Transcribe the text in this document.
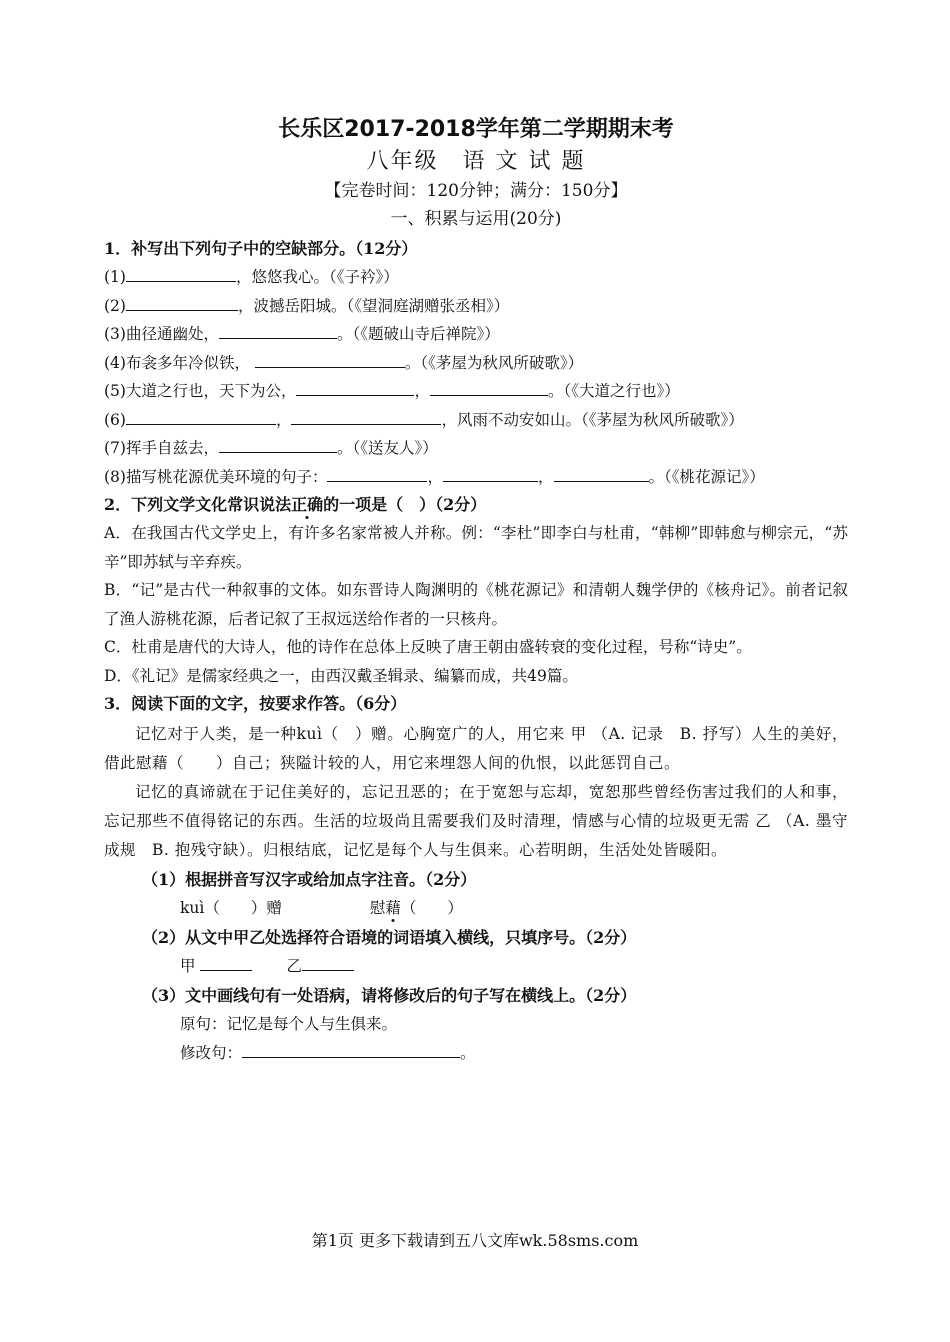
长乐区2017-2018学年第二学期期末考
八年级　语 文 试 题
【完卷时间：120分钟；满分：150分】
一、积累与运用(20分)
1．补写出下列句子中的空缺部分。（12分）
(1)	，悠悠我心。（《子衿》）
(2)	，波撼岳阳城。（《望洞庭湖赠张丞相》）
(3)曲径通幽处，	。（《题破山寺后禅院》）
(4)布衾多年冷似铁，	。（《茅屋为秋风所破歌》）
(5)大道之行也，天下为公，	，	。（《大道之行也》）
(6)	，	，风雨不动安如山。（《茅屋为秋风所破歌》）
(7)挥手自兹去，	。（《送友人》）
(8)描写桃花源优美环境的句子：	，	，	。（《桃花源记》）
2．下列文学文化常识说法正确的一项是（　）（2分）
A．在我国古代文学史上，有许多名家常被人并称。例：“李杜”即李白与杜甫，“韩柳”即韩愈与柳宗元，“苏辛”即苏轼与辛弃疾。
B．“记”是古代一种叙事的文体。如东晋诗人陶渊明的《桃花源记》和清朝人魏学伊的《核舟记》。前者记叙了渔人游桃花源，后者记叙了王叔远送给作者的一只核舟。
C．杜甫是唐代的大诗人，他的诗作在总体上反映了唐王朝由盛转衰的变化过程，号称“诗史”。
D．《礼记》是儒家经典之一，由西汉戴圣辑录、编纂而成，共49篇。
3．阅读下面的文字，按要求作答。（6分）
记忆对于人类，是一种kuì（　）赠。心胸宽广的人，用它来 甲 （A. 记录　B. 抒写）人生的美好，借此慰藉（　　）自己；狭隘计较的人，用它来埋怨人间的仇恨，以此惩罚自己。
记忆的真谛就在于记住美好的，忘记丑恶的；在于宽恕与忘却，宽恕那些曾经伤害过我们的人和事，忘记那些不值得铭记的东西。生活的垃圾尚且需要我们及时清理，情感与心情的垃圾更无需 乙 （A. 墨守成规　B. 抱残守缺）。归根结底，记忆是每个人与生俱来。心若明朗，生活处处皆暖阳。
（1）根据拼音写汉字或给加点字注音。（2分）
kuì（　　）赠	慰藉（　　）
（2）从文中甲乙处选择符合语境的词语填入横线，只填序号。（2分）
甲	乙
（3）文中画线句有一处语病，请将修改后的句子写在横线上。（2分）
原句：记忆是每个人与生俱来。
修改句：	。
第1页 更多下载请到五八文库wk.58sms.com
